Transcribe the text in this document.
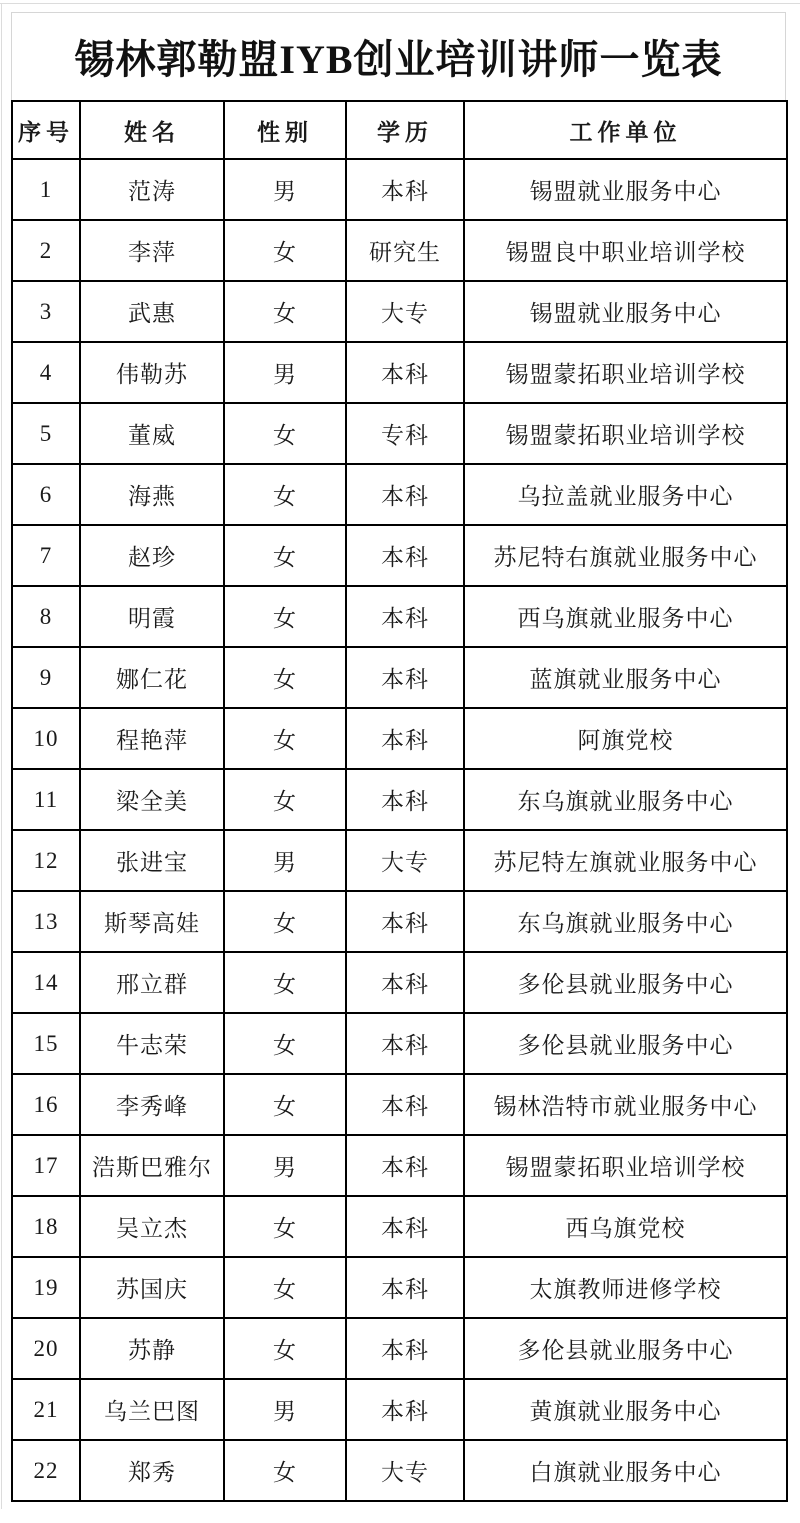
锡林郭勒盟IYB创业培训讲师一览表
序号	姓名	性别	学历	工作单位
1	范涛	男	本科	锡盟就业服务中心
2	李萍	女	研究生	锡盟良中职业培训学校
3	武惠	女	大专	锡盟就业服务中心
4	伟勒苏	男	本科	锡盟蒙拓职业培训学校
5	董威	女	专科	锡盟蒙拓职业培训学校
6	海燕	女	本科	乌拉盖就业服务中心
7	赵珍	女	本科	苏尼特右旗就业服务中心
8	明霞	女	本科	西乌旗就业服务中心
9	娜仁花	女	本科	蓝旗就业服务中心
10	程艳萍	女	本科	阿旗党校
11	梁全美	女	本科	东乌旗就业服务中心
12	张进宝	男	大专	苏尼特左旗就业服务中心
13	斯琴高娃	女	本科	东乌旗就业服务中心
14	邢立群	女	本科	多伦县就业服务中心
15	牛志荣	女	本科	多伦县就业服务中心
16	李秀峰	女	本科	锡林浩特市就业服务中心
17	浩斯巴雅尔	男	本科	锡盟蒙拓职业培训学校
18	吴立杰	女	本科	西乌旗党校
19	苏国庆	女	本科	太旗教师进修学校
20	苏静	女	本科	多伦县就业服务中心
21	乌兰巴图	男	本科	黄旗就业服务中心
22	郑秀	女	大专	白旗就业服务中心
